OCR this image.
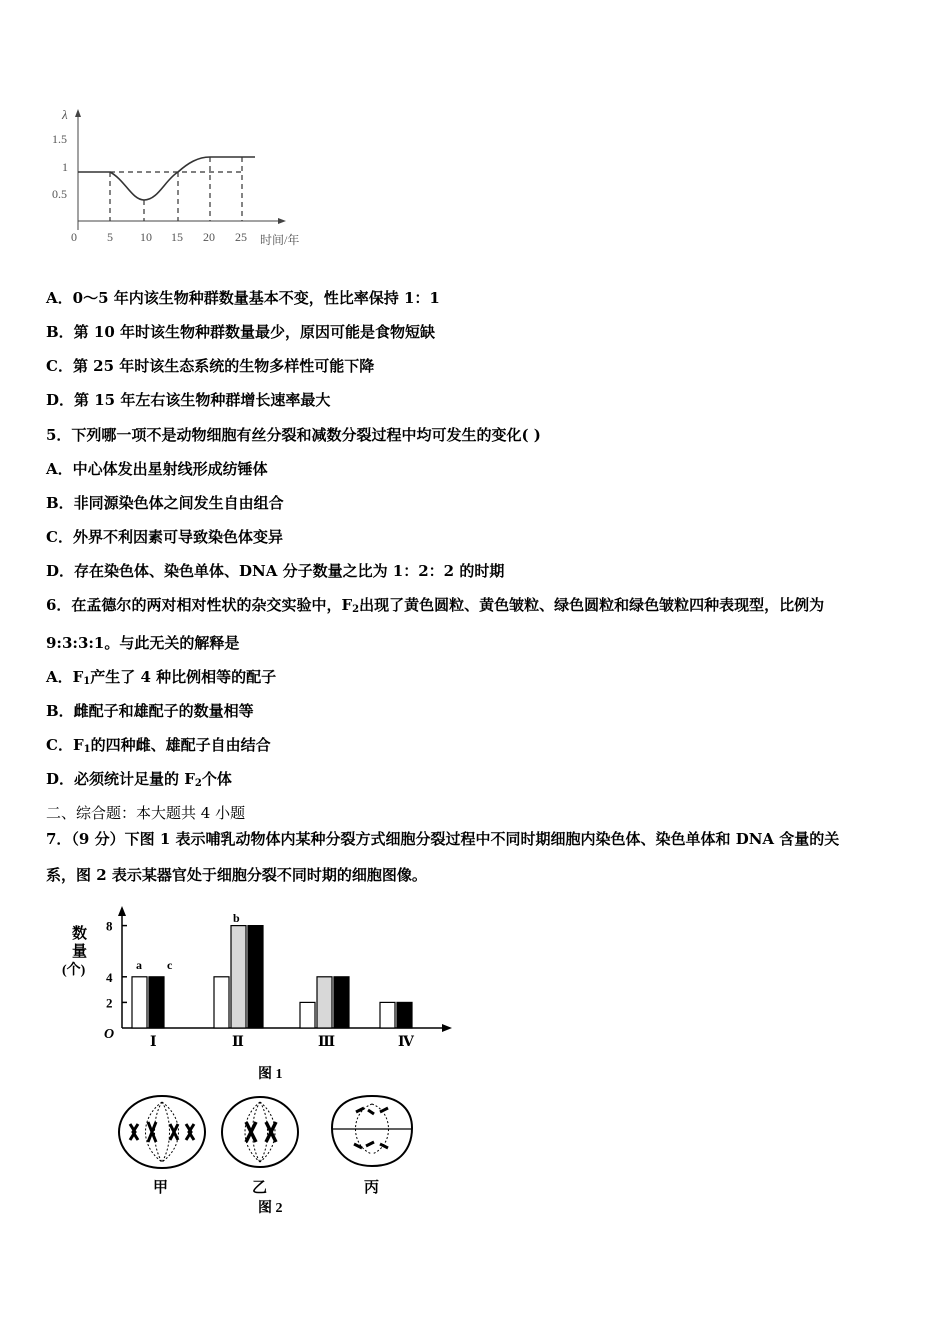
λ
1.5
1
0.5
0	5 10 15 20 25 时间/年
A．0～5 年内该生物种群数量基本不变，性比率保持 1：1
B．第 10 年时该生物种群数量最少，原因可能是食物短缺
C．第 25 年时该生态系统的生物多样性可能下降
D．第 15 年左右该生物种群增长速率最大
5．下列哪一项不是动物细胞有丝分裂和减数分裂过程中均可发生的变化( )
A．中心体发出星射线形成纺锤体
B．非同源染色体之间发生自由组合
C．外界不利因素可导致染色体变异
D．存在染色体、染色单体、DNA 分子数量之比为 1：2：2 的时期
6．在孟德尔的两对相对性状的杂交实验中，$F_2$出现了黄色圆粒、黄色皱粒、绿色圆粒和绿色皱粒四种表现型，比例为
9:3:3:1。与此无关的解释是
A．$F_1$产生了 4 种比例相等的配子
B．雌配子和雄配子的数量相等
C．$F_1$的四种雌、雄配子自由结合
D．必须统计足量的 $F_2$个体
二、综合题：本大题共 4 小题
7．（9 分）下图 1 表示哺乳动物体内某种分裂方式细胞分裂过程中不同时期细胞内染色体、染色单体和 DNA 含量的关
系，图 2 表示某器官处于细胞分裂不同时期的细胞图像。
数
量
(个)
O
2
4
8
Ⅰ	Ⅱ	Ⅲ	Ⅳ
a c
b
图 1
甲	乙	丙
图 2
